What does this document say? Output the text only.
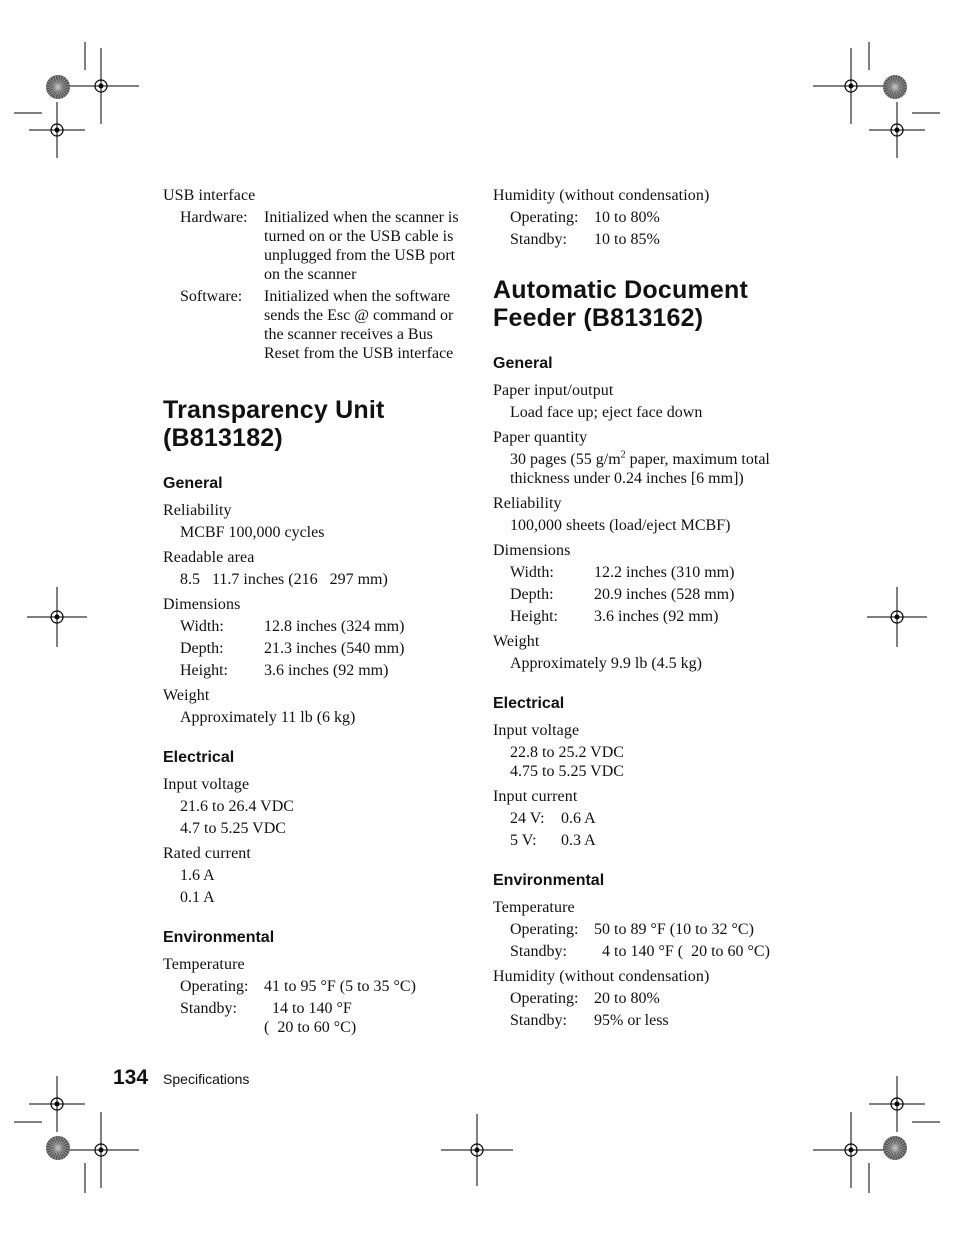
USB interface
Hardware:	Initialized when the scanner is turned on or the USB cable is unplugged from the USB port on the scanner
Software:	Initialized when the software sends the Esc @ command or the scanner receives a Bus Reset from the USB interface
Transparency Unit (B813182)
General
Reliability
MCBF 100,000 cycles
Readable area
8.5   11.7 inches (216   297 mm)
Dimensions
Width:	12.8 inches (324 mm)
Depth:	21.3 inches (540 mm)
Height:	3.6 inches (92 mm)
Weight
Approximately 11 lb (6 kg)
Electrical
Input voltage
21.6 to 26.4 VDC
4.7 to 5.25 VDC
Rated current
1.6 A
0.1 A
Environmental
Temperature
Operating: 41 to 95 °F (5 to 35 °C)
Standby:	14 to 140 °F
(  20 to 60 °C)
Humidity (without condensation)
Operating: 10 to 80%
Standby:	10 to 85%
Automatic Document Feeder (B813162)
General
Paper input/output
Load face up; eject face down
Paper quantity
30 pages (55 $g/m^2$ paper, maximum total thickness under 0.24 inches [6 mm])
Reliability
100,000 sheets (load/eject MCBF)
Dimensions
Width:	12.2 inches (310 mm)
Depth:	20.9 inches (528 mm)
Height:	3.6 inches (92 mm)
Weight
Approximately 9.9 lb (4.5 kg)
Electrical
Input voltage
22.8 to 25.2 VDC
4.75 to 5.25 VDC
Input current
24 V:	0.6 A
5 V:	0.3 A
Environmental
Temperature
Operating: 50 to 89 °F (10 to 32 °C)
Standby:	4 to 140 °F (  20 to 60 °C)
Humidity (without condensation)
Operating: 20 to 80%
Standby:	95% or less
134 Specifications
